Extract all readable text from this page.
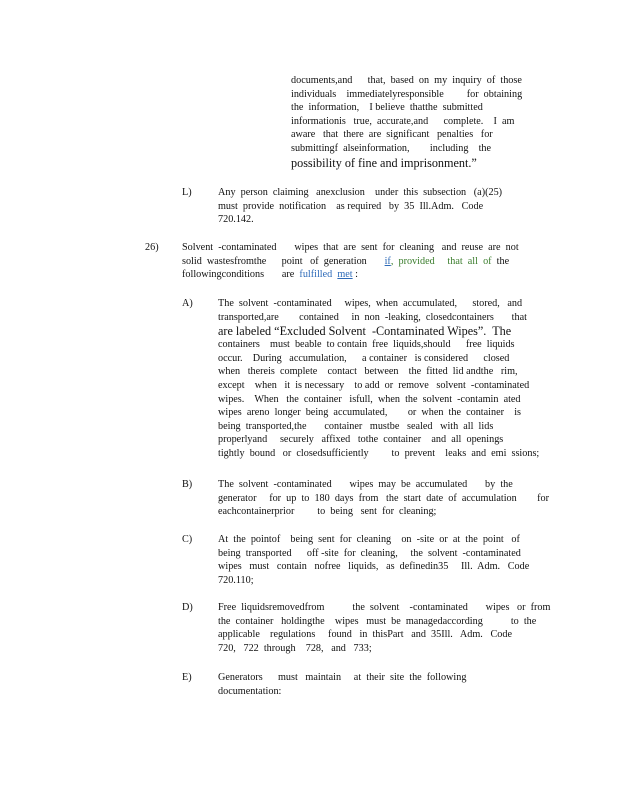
documents,and      that,  based  on  my  inquiry  of  those
individuals    immediatelyresponsible         for  obtaining
the  information,    I believe  thatthe  submitted
informationis   true,  accurate,and      complete.    I  am
aware   that  there  are  significant   penalties   for
submittingf  alseinformation,        including    the
possibility of fine and imprisonment.”
L)	Any  person  claiming   anexclusion    under  this  subsection   (a)(25)
must  provide  notification    as required   by  35  Ill.Adm.   Code
720.142.
26) Solvent  -contaminated       wipes  that  are  sent  for  cleaning   and  reuse  are  not
solid  wastesfromthe      point   of  generation       if,  provided     that  all  of  the
followingconditions       are  fulfilled met :
A) The  solvent  -contaminated     wipes,  when  accumulated,      stored,   and
transported,are        contained     in  non  -leaking,  closedcontainers       that
are labeled “Excluded Solvent  -Contaminated Wipes”.  The
containers    must  beable  to contain  free  liquids,should      free  liquids
occur.    During   accumulation,      a container   is considered      closed
when   thereis  complete    contact   between    the  fitted  lid andthe   rim,
except    when   it  is necessary    to add  or  remove   solvent  -contaminated
wipes.    When   the  container   isfull,  when  the  solvent  -contamin  ated
wipes  areno  longer  being  accumulated,        or  when  the  container    is
being  transported,the       container   mustbe   sealed   with  all  lids
properlyand     securely   affixed   tothe  container    and  all  openings
tightly  bound   or  closedsufficiently         to  prevent    leaks  and  emi  ssions;
B)	The  solvent  -contaminated       wipes  may  be  accumulated       by  the
generator     for  up  to  180  days  from   the  start  date  of  accumulation        for
eachcontainerprior         to  being   sent  for  cleaning;
C)	At  the  pointof    being  sent  for  cleaning    on  -site  or  at  the  point   of
being  transported      off -site  for  cleaning,     the  solvent  -contaminated
wipes   must   contain   nofree   liquids,   as  definedin35     Ill.  Adm.   Code
720.110;
D) Free  liquidsremovedfrom           the  solvent    -contaminated       wipes   or  from
the  container   holdingthe    wipes   must  be  managedaccording           to  the
applicable    regulations     found   in  thisPart   and  35Ill.   Adm.   Code
720,   722  through    728,   and   733;
E)	Generators      must   maintain     at  their  site  the  following
documentation:
